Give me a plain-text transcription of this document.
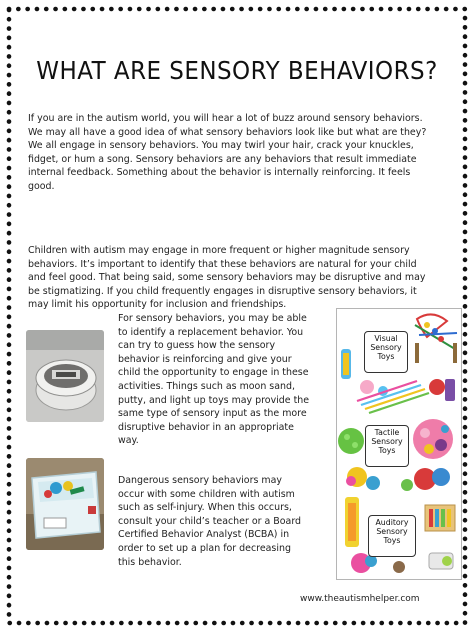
WHAT ARE SENSORY BEHAVIORS?

If you are in the autism world, you will hear a lot of buzz around sensory behaviors.
We may all have a good idea of what sensory behaviors look like but what are they?
We all engage in sensory behaviors. You may twirl your hair, crack your knuckles,
fidget, or hum a song. Sensory behaviors are any behaviors that result immediate
internal feedback. Something about the behavior is internally reinforcing. It feels
good.

Children with autism may engage in more frequent or higher magnitude sensory
behaviors. It’s important to identify that these behaviors are natural for your child
and feel good. That being said, some sensory behaviors may be disruptive and may
be stigmatizing. If you child frequently engages in disruptive sensory behaviors, it
may limit his opportunity for inclusion and friendships.

For sensory behaviors, you may be able
to identify a replacement behavior. You
can try to guess how the sensory
behavior is reinforcing and give your
child the opportunity to engage in these
activities. Things such as moon sand,
putty, and light up toys may provide the
same type of sensory input as the more
disruptive behavior in an appropriate
way.

Dangerous sensory behaviors may
occur with some children with autism
such as self-injury. When this occurs,
consult your child’s teacher or a Board
Certified Behavior Analyst (BCBA) in
order to set up a plan for decreasing
this behavior.

Visual
Sensory
Toys
Tactile
Sensory
Toys
Auditory
Sensory
Toys
www.theautismhelper.com
